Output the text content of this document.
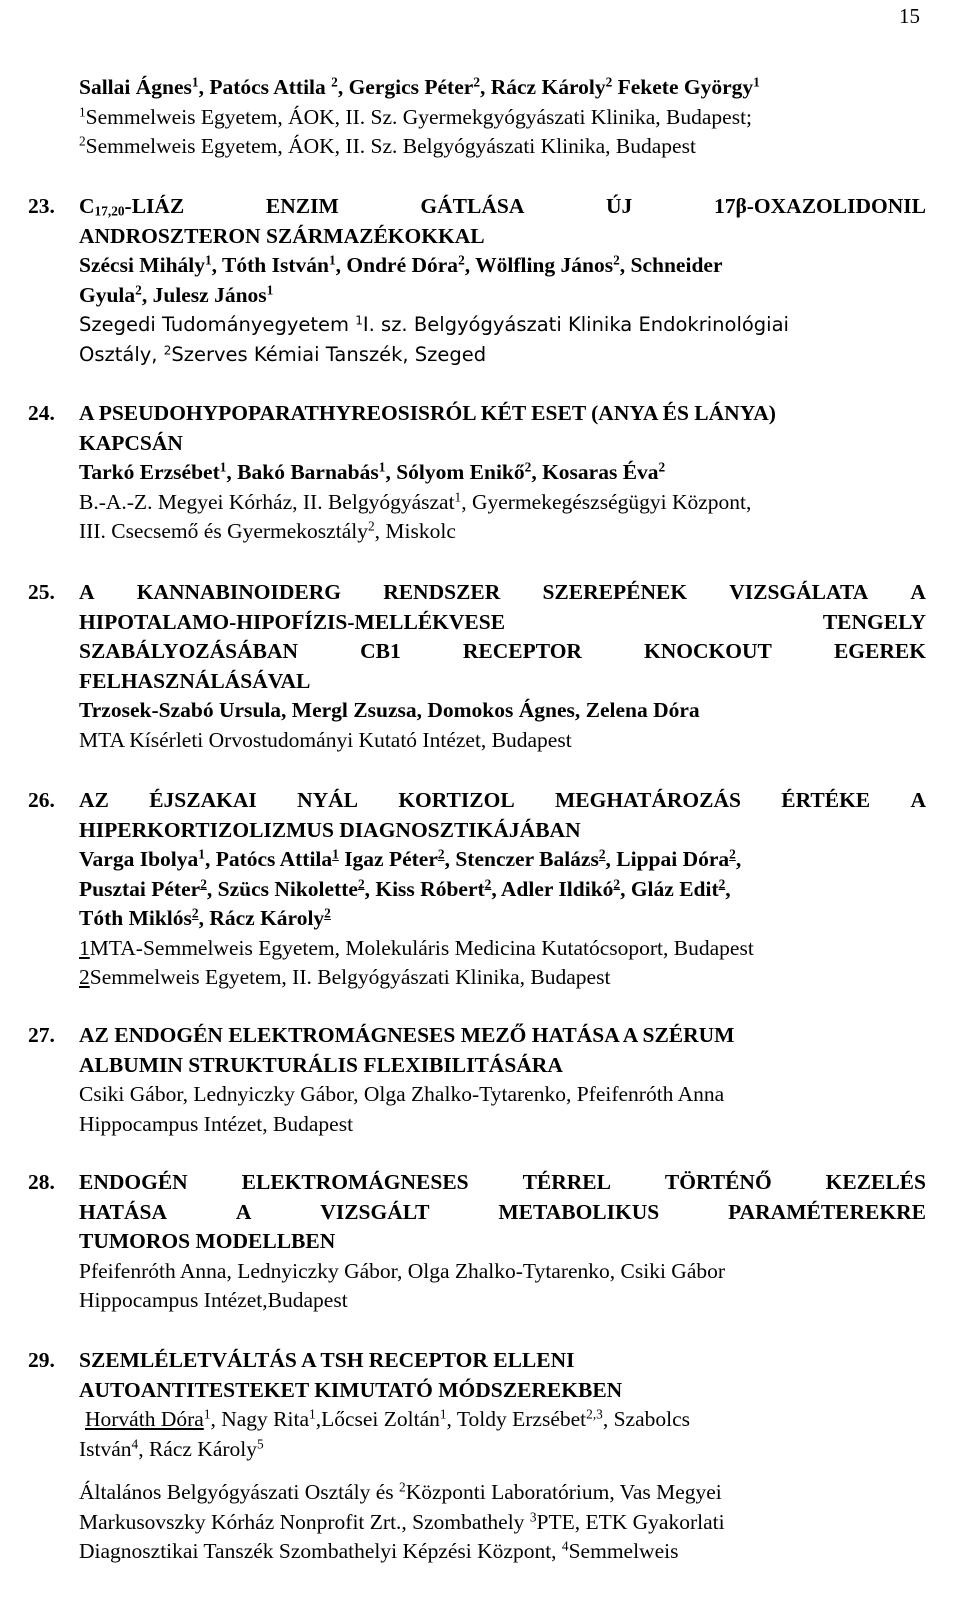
15
Sallai Ágnes$^1$, Patócs Attila $^2$, Gergics Péter$^2$, Rácz Károly$^2$ Fekete György$^1$
$^1$Semmelweis Egyetem, ÁOK, II. Sz. Gyermekgyógyászati Klinika, Budapest;
$^2$Semmelweis Egyetem, ÁOK, II. Sz. Belgyógyászati Klinika, Budapest
23.	$C_{17,20}$-LIÁZ	ENZIM	GÁTLÁSA	ÚJ	17β-OXAZOLIDONIL
ANDROSZTERON SZÁRMAZÉKOKKAL
Szécsi Mihály$^1$, Tóth István$^1$, Ondré Dóra$^2$, Wölfling János$^2$, Schneider
Gyula$^2$, Julesz János$^1$
Szegedi Tudományegyetem $^1$I. sz. Belgyógyászati Klinika Endokrinológiai
Osztály, $^2$Szerves Kémiai Tanszék, Szeged
24.	A PSEUDOHYPOPARATHYREOSISRÓL KÉT ESET (ANYA ÉS LÁNYA)
KAPCSÁN
Tarkó Erzsébet$^1$, Bakó Barnabás$^1$, Sólyom Enikő$^2$, Kosaras Éva$^2$
B.-A.-Z. Megyei Kórház, II. Belgyógyászat$^1$, Gyermekegészségügyi Központ,
III. Csecsemő és Gyermekosztály$^2$, Miskolc
25.	A KANNABINOIDERG RENDSZER SZEREPÉNEK VIZSGÁLATA A
HIPOTALAMO-HIPOFÍZIS-MELLÉKVESE	TENGELY
SZABÁLYOZÁSÁBAN	CB1	RECEPTOR	KNOCKOUT	EGEREK
FELHASZNÁLÁSÁVAL
Trzosek-Szabó Ursula, Mergl Zsuzsa, Domokos Ágnes, Zelena Dóra
MTA Kísérleti Orvostudományi Kutató Intézet, Budapest
26.	AZ ÉJSZAKAI NYÁL KORTIZOL MEGHATÁROZÁS ÉRTÉKE A
HIPERKORTIZOLIZMUS DIAGNOSZTIKÁJÁBAN
Varga Ibolya$^1$, Patócs Attila$^1$ Igaz Péter$^2$, Stenczer Balázs$^2$, Lippai Dóra$^2$,
Pusztai Péter$^2$, Szücs Nikolette$^2$, Kiss Róbert$^2$, Adler Ildikó$^2$, Gláz Edit$^2$,
Tóth Miklós$^2$, Rácz Károly$^2$
1MTA-Semmelweis Egyetem, Molekuláris Medicina Kutatócsoport, Budapest
2Semmelweis Egyetem, II. Belgyógyászati Klinika, Budapest
27.	AZ ENDOGÉN ELEKTROMÁGNESES MEZŐ HATÁSA A SZÉRUM
ALBUMIN STRUKTURÁLIS FLEXIBILITÁSÁRA
Csiki Gábor, Lednyiczky Gábor, Olga Zhalko-Tytarenko, Pfeifenróth Anna
Hippocampus Intézet, Budapest
28.	ENDOGÉN	ELEKTROMÁGNESES	TÉRREL	TÖRTÉNŐ	KEZELÉS
HATÁSA	A	VIZSGÁLT	METABOLIKUS	PARAMÉTEREKRE
TUMOROS MODELLBEN
Pfeifenróth Anna, Lednyiczky Gábor, Olga Zhalko-Tytarenko, Csiki Gábor
Hippocampus Intézet,Budapest
29.	SZEMLÉLETVÁLTÁS A TSH RECEPTOR ELLENI
AUTOANTITESTEKET KIMUTATÓ MÓDSZEREKBEN
Horváth Dóra$^1$, Nagy Rita$^1$,Lőcsei Zoltán$^1$, Toldy Erzsébet$^{2,3}$, Szabolcs
István$^4$, Rácz Károly$^5$
Általános Belgyógyászati Osztály és $^2$Központi Laboratórium, Vas Megyei
Markusovszky Kórház Nonprofit Zrt., Szombathely $^3$PTE, ETK Gyakorlati
Diagnosztikai Tanszék Szombathelyi Képzési Központ, $^4$Semmelweis
